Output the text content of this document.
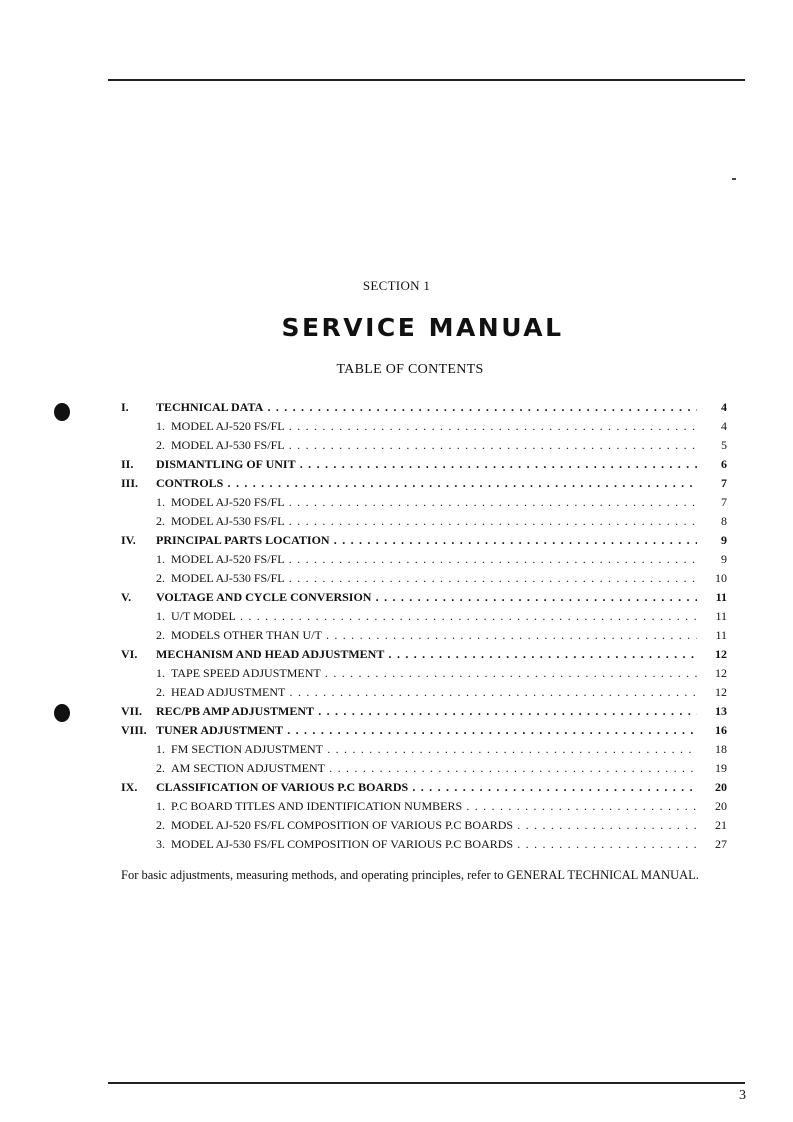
SECTION 1
SERVICE MANUAL
TABLE OF CONTENTS
I. TECHNICAL DATA . . .	4
1. MODEL AJ-520 FS/FL . . .	4
2. MODEL AJ-530 FS/FL . . .	5
II. DISMANTLING OF UNIT . . .	6
III. CONTROLS . . .	7
1. MODEL AJ-520 FS/FL . . .	7
2. MODEL AJ-530 FS/FL . . .	8
IV. PRINCIPAL PARTS LOCATION . . .	9
1. MODEL AJ-520 FS/FL . . .	9
2. MODEL AJ-530 FS/FL . . .	10
V. VOLTAGE AND CYCLE CONVERSION . . .	11
1. U/T MODEL . . .	11
2. MODELS OTHER THAN U/T . . .	11
VI. MECHANISM AND HEAD ADJUSTMENT . . .	12
1. TAPE SPEED ADJUSTMENT . . .	12
2. HEAD ADJUSTMENT . . .	12
VII. REC/PB AMP ADJUSTMENT . . .	13
VIII. TUNER ADJUSTMENT . . .	16
1. FM SECTION ADJUSTMENT . . .	18
2. AM SECTION ADJUSTMENT . . .	19
IX. CLASSIFICATION OF VARIOUS P.C BOARDS . . .	20
1. P.C BOARD TITLES AND IDENTIFICATION NUMBERS . . .	20
2. MODEL AJ-520 FS/FL COMPOSITION OF VARIOUS P.C BOARDS . . .	21
3. MODEL AJ-530 FS/FL COMPOSITION OF VARIOUS P.C BOARDS . . .	27
For basic adjustments, measuring methods, and operating principles, refer to GENERAL TECHNICAL MANUAL.
3
